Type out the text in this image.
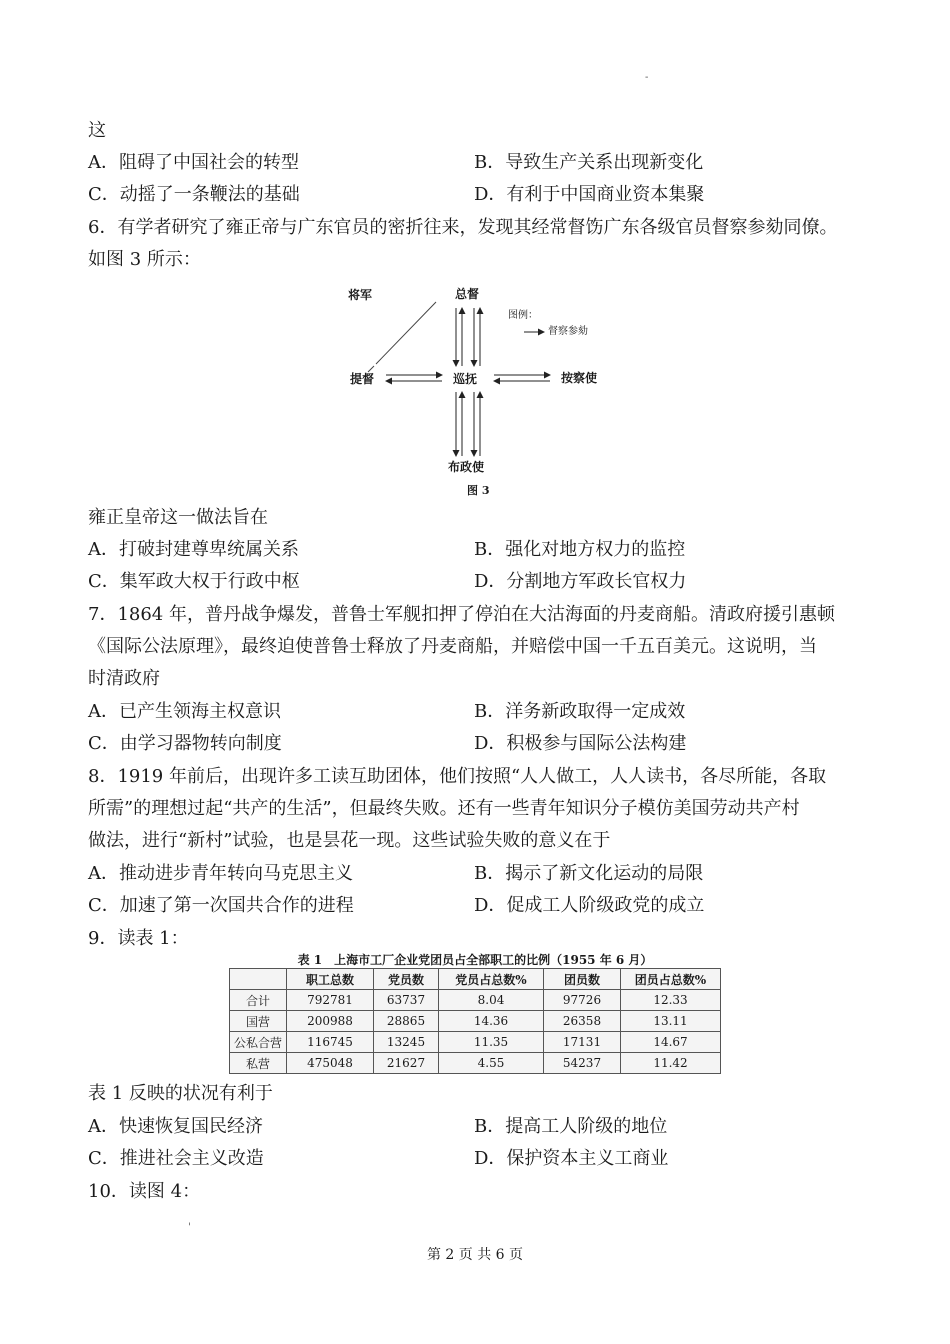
-
这
A．阻碍了中国社会的转型	B．导致生产关系出现新变化
C．动摇了一条鞭法的基础	D．有利于中国商业资本集聚
6．有学者研究了雍正帝与广东官员的密折往来，发现其经常督饬广东各级官员督察参劾同僚。
如图 3 所示：
将军	总督
提督	巡抚	按察使
布政使
图例：
督察参劾
图 3
雍正皇帝这一做法旨在
A．打破封建尊卑统属关系	B．强化对地方权力的监控
C．集军政大权于行政中枢	D．分割地方军政长官权力
7．1864 年，普丹战争爆发，普鲁士军舰扣押了停泊在大沽海面的丹麦商船。清政府援引惠顿
《国际公法原理》，最终迫使普鲁士释放了丹麦商船，并赔偿中国一千五百美元。这说明，当
时清政府
A．已产生领海主权意识	B．洋务新政取得一定成效
C．由学习器物转向制度	D．积极参与国际公法构建
8．1919 年前后，出现许多工读互助团体，他们按照“人人做工，人人读书，各尽所能，各取
所需”的理想过起“共产的生活”，但最终失败。还有一些青年知识分子模仿美国劳动共产村
做法，进行“新村”试验，也是昙花一现。这些试验失败的意义在于
A．推动进步青年转向马克思主义	B．揭示了新文化运动的局限
C．加速了第一次国共合作的进程	D．促成工人阶级政党的成立
9．读表 1：
表 1　上海市工厂企业党团员占全部职工的比例（1955 年 6 月）
	职工总数	党员数	党员占总数%	团员数	团员占总数%
合计	792781	63737	8.04	97726	12.33
国营	200988	28865	14.36	26358	13.11
公私合营	116745	13245	11.35	17131	14.67
私营	475048	21627	4.55	54237	11.42
表 1 反映的状况有利于
A．快速恢复国民经济	B．提高工人阶级的地位
C．推进社会主义改造	D．保护资本主义工商业
10．读图 4：
'
第 2 页 共 6 页
